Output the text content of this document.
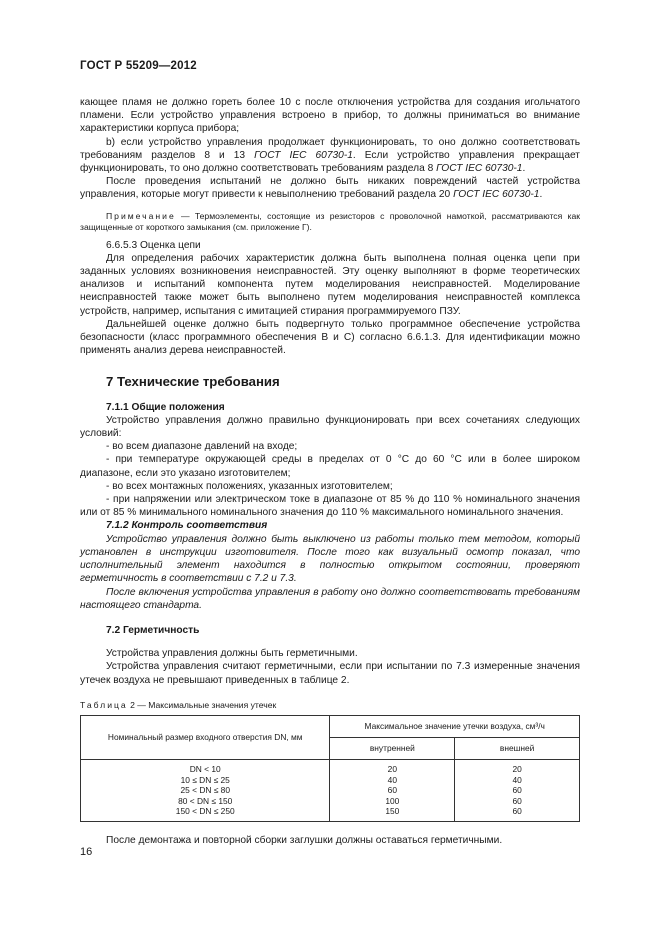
ГОСТ Р 55209—2012

кающее пламя не должно гореть более 10 с после отключения устройства для создания игольчатого пламени. Если устройство управления встроено в прибор, то должны приниматься во внимание характеристики корпуса прибора;

b) если устройство управления продолжает функционировать, то оно должно соответствовать требованиям разделов 8 и 13 ГОСТ IEC 60730-1. Если устройство управления прекращает функционировать, то оно должно соответствовать требованиям раздела 8 ГОСТ IEC 60730-1.

После проведения испытаний не должно быть никаких повреждений частей устройства управления, которые могут привести к невыполнению требований раздела 20 ГОСТ IEC 60730-1.

Примечание — Термоэлементы, состоящие из резисторов с проволочной намоткой, рассматриваются как защищенные от короткого замыкания (см. приложение Г).

6.6.5.3 Оценка цепи

Для определения рабочих характеристик должна быть выполнена полная оценка цепи при заданных условиях возникновения неисправностей. Эту оценку выполняют в форме теоретических анализов и испытаний компонента путем моделирования неисправностей. Моделирование неисправностей также может быть выполнено путем моделирования неисправностей комплекса устройств, например, испытания с имитацией стирания программируемого ПЗУ.

Дальнейшей оценке должно быть подвергнуто только программное обеспечение устройства безопасности (класс программного обеспечения В и С) согласно 6.6.1.3. Для идентификации можно применять анализ дерева неисправностей.

7 Технические требования

7.1.1 Общие положения

Устройство управления должно правильно функционировать при всех сочетаниях следующих условий:

- во всем диапазоне давлений на входе;

- при температуре окружающей среды в пределах от 0 °С до 60 °С или в более широком диапазоне, если это указано изготовителем;

- во всех монтажных положениях, указанных изготовителем;

- при напряжении или электрическом токе в диапазоне от 85 % до 110 % номинального значения или от 85 % минимального номинального значения до 110 % максимального номинального значения.

7.1.2 Контроль соответствия

Устройство управления должно быть выключено из работы только тем методом, который установлен в инструкции изготовителя. После того как визуальный осмотр показал, что исполнительный элемент находится в полностью открытом состоянии, проверяют герметичность в соответствии с 7.2 и 7.3.

После включения устройства управления в работу оно должно соответствовать требованиям настоящего стандарта.

7.2 Герметичность

Устройства управления должны быть герметичными.

Устройства управления считают герметичными, если при испытании по 7.3 измеренные значения утечек воздуха не превышают приведенных в таблице 2.

Таблица 2 — Максимальные значения утечек

Номинальный размер входного отверстия DN, мм	Максимальное значение утечки воздуха, см³/ч	
	внутренней	внешней
DN < 10	20	20
10 ≤ DN ≤ 25	40	40
25 < DN ≤ 80	60	60
80 < DN ≤ 150	100	60
150 < DN ≤ 250	150	60

После демонтажа и повторной сборки заглушки должны оставаться герметичными.

16
